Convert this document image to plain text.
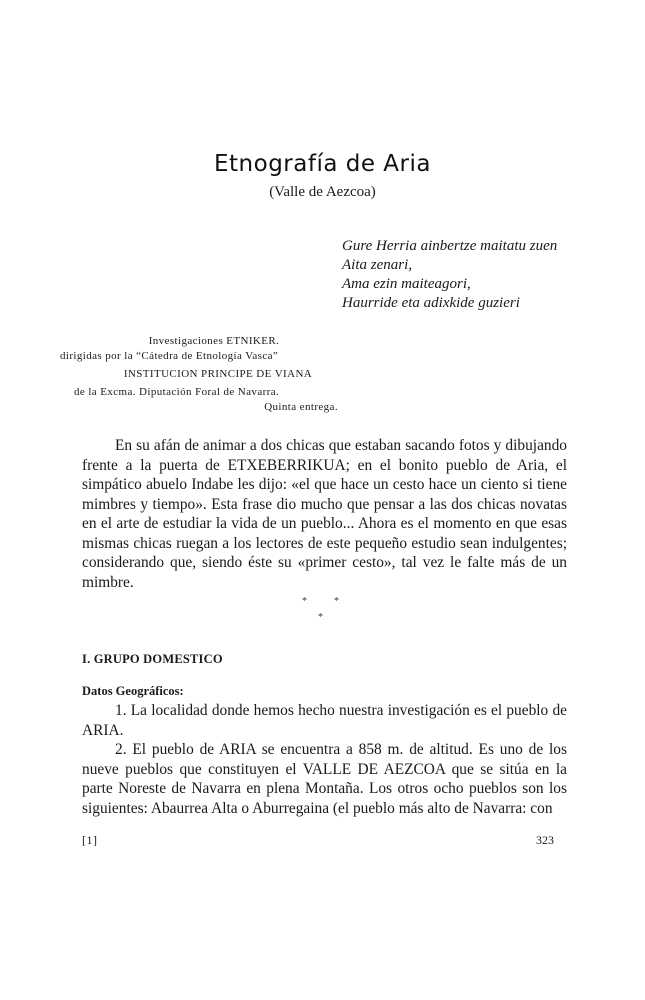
Etnografía de Aria
(Valle de Aezcoa)
Gure Herria ainbertze maitatu zuen
Aita zenari,
Ama ezin maiteagori,
Haurride eta adixkide guzieri
Investigaciones ETNIKER.
dirigidas por la “Cátedra de Etnología Vasca”
INSTITUCION PRINCIPE DE VIANA
de la Excma. Diputación Foral de Navarra.
Quinta entrega.

En su afán de animar a dos chicas que estaban sacando fotos y dibujando frente a la puerta de ETXEBERRIKUA; en el bonito pueblo de Aria, el simpático abuelo Indabe les dijo: «el que hace un cesto hace un ciento si tiene mimbres y tiempo». Esta frase dio mucho que pensar a las dos chicas novatas en el arte de estudiar la vida de un pueblo... Ahora es el momento en que esas mismas chicas ruegan a los lectores de este pequeño estudio sean indulgentes; considerando que, siendo éste su «primer cesto», tal vez le falte más de un mimbre.

*	*
*
I. GRUPO DOMESTICO
Datos Geográficos:

1. La localidad donde hemos hecho nuestra investigación es el pueblo de ARIA.

2. El pueblo de ARIA se encuentra a 858 m. de altitud. Es uno de los nueve pueblos que constituyen el VALLE DE AEZCOA que se sitúa en la parte Noreste de Navarra en plena Montaña. Los otros ocho pueblos son los siguientes: Abaurrea Alta o Aburregaina (el pueblo más alto de Navarra: con

[1]	323
